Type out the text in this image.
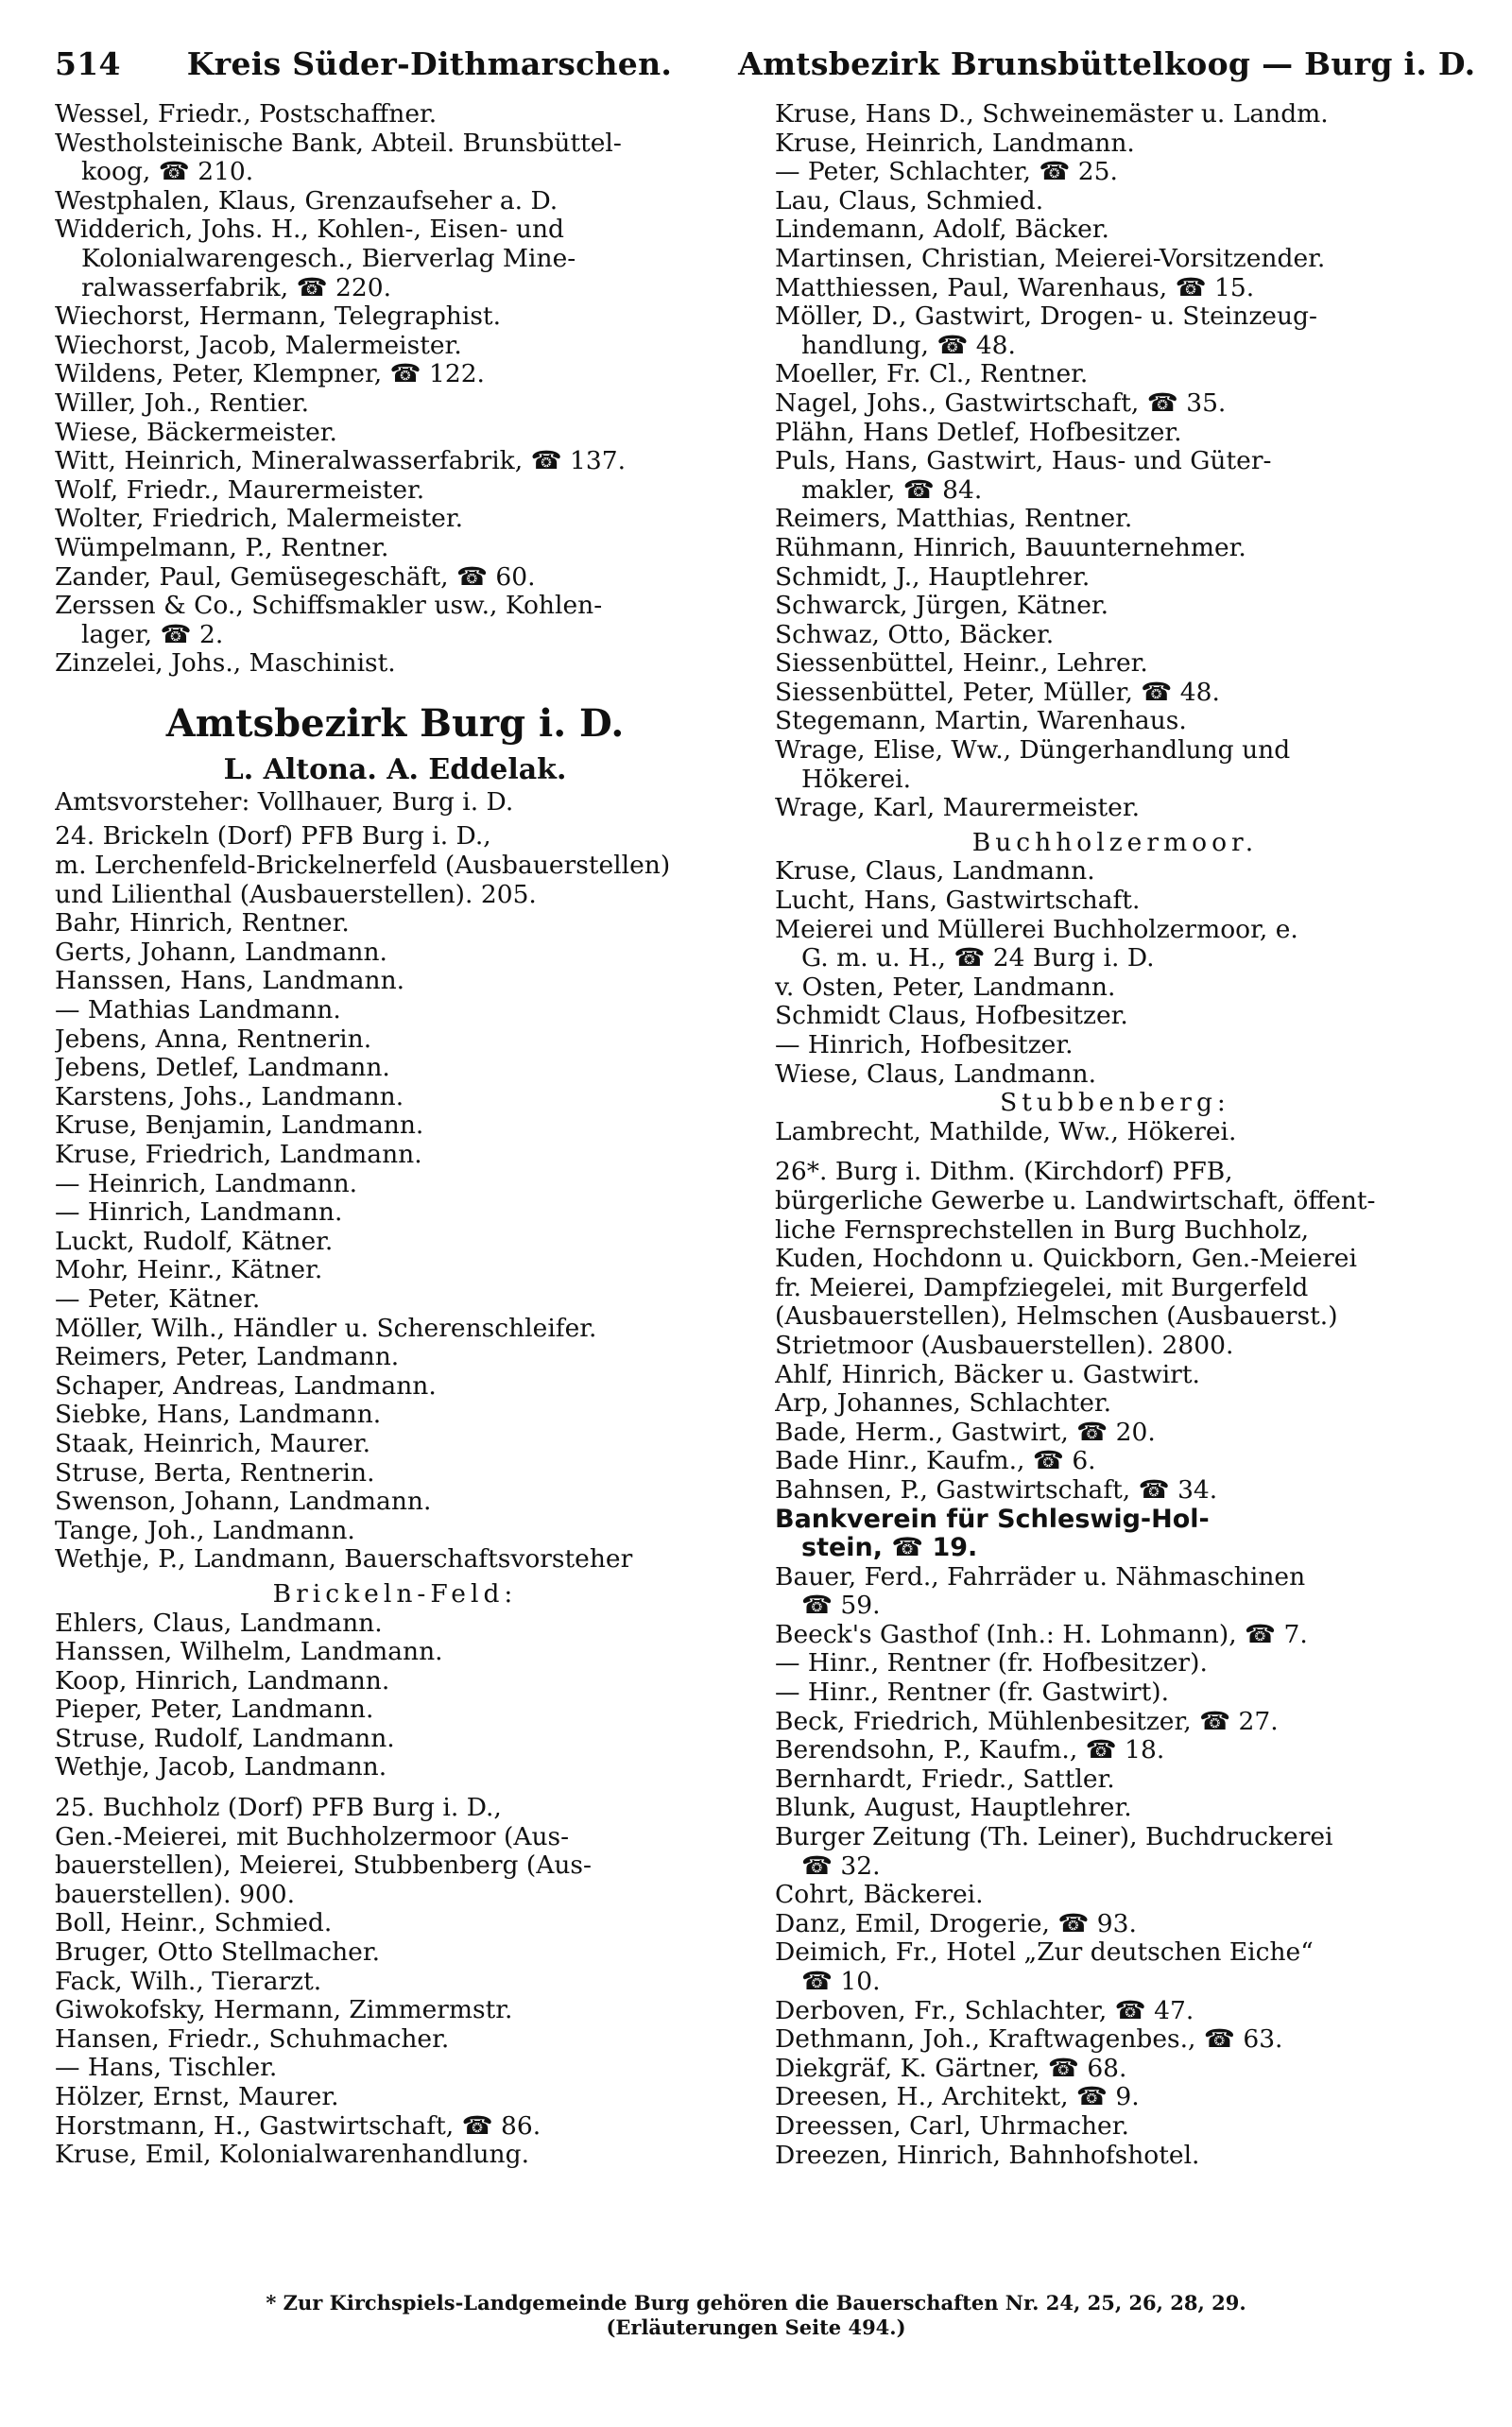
514 Kreis Süder-Dithmarschen. Amtsbezirk Brunsbüttelkoog — Burg i. D.
Wessel, Friedr., Postschaffner.
Westholsteinische Bank, Abteil. Brunsbüttel-
koog, ☎ 210.
Westphalen, Klaus, Grenzaufseher a. D.
Widderich, Johs. H., Kohlen-, Eisen- und
Kolonialwarengesch., Bierverlag Mine-
ralwasserfabrik, ☎ 220.
Wiechorst, Hermann, Telegraphist.
Wiechorst, Jacob, Malermeister.
Wildens, Peter, Klempner, ☎ 122.
Willer, Joh., Rentier.
Wiese, Bäckermeister.
Witt, Heinrich, Mineralwasserfabrik, ☎ 137.
Wolf, Friedr., Maurermeister.
Wolter, Friedrich, Malermeister.
Wümpelmann, P., Rentner.
Zander, Paul, Gemüsegeschäft, ☎ 60.
Zerssen & Co., Schiffsmakler usw., Kohlen-
lager, ☎ 2.
Zinzelei, Johs., Maschinist.
Amtsbezirk Burg i. D.
L. Altona. A. Eddelak.
Amtsvorsteher: Vollhauer, Burg i. D.
24. Brickeln (Dorf) PFB Burg i. D.,
m. Lerchenfeld-Brickelnerfeld (Ausbauerstellen)
und Lilienthal (Ausbauerstellen). 205.
Bahr, Hinrich, Rentner.
Gerts, Johann, Landmann.
Hanssen, Hans, Landmann.
— Mathias Landmann.
Jebens, Anna, Rentnerin.
Jebens, Detlef, Landmann.
Karstens, Johs., Landmann.
Kruse, Benjamin, Landmann.
Kruse, Friedrich, Landmann.
— Heinrich, Landmann.
— Hinrich, Landmann.
Luckt, Rudolf, Kätner.
Mohr, Heinr., Kätner.
— Peter, Kätner.
Möller, Wilh., Händler u. Scherenschleifer.
Reimers, Peter, Landmann.
Schaper, Andreas, Landmann.
Siebke, Hans, Landmann.
Staak, Heinrich, Maurer.
Struse, Berta, Rentnerin.
Swenson, Johann, Landmann.
Tange, Joh., Landmann.
Wethje, P., Landmann, Bauerschaftsvorsteher
Brickeln-Feld:
Ehlers, Claus, Landmann.
Hanssen, Wilhelm, Landmann.
Koop, Hinrich, Landmann.
Pieper, Peter, Landmann.
Struse, Rudolf, Landmann.
Wethje, Jacob, Landmann.
25. Buchholz (Dorf) PFB Burg i. D.,
Gen.-Meierei, mit Buchholzermoor (Aus-
bauerstellen), Meierei, Stubbenberg (Aus-
bauerstellen). 900.
Boll, Heinr., Schmied.
Bruger, Otto Stellmacher.
Fack, Wilh., Tierarzt.
Giwokofsky, Hermann, Zimmermstr.
Hansen, Friedr., Schuhmacher.
— Hans, Tischler.
Hölzer, Ernst, Maurer.
Horstmann, H., Gastwirtschaft, ☎ 86.
Kruse, Emil, Kolonialwarenhandlung.
Kruse, Hans D., Schweinemäster u. Landm.
Kruse, Heinrich, Landmann.
— Peter, Schlachter, ☎ 25.
Lau, Claus, Schmied.
Lindemann, Adolf, Bäcker.
Martinsen, Christian, Meierei-Vorsitzender.
Matthiessen, Paul, Warenhaus, ☎ 15.
Möller, D., Gastwirt, Drogen- u. Steinzeug-
handlung, ☎ 48.
Moeller, Fr. Cl., Rentner.
Nagel, Johs., Gastwirtschaft, ☎ 35.
Plähn, Hans Detlef, Hofbesitzer.
Puls, Hans, Gastwirt, Haus- und Güter-
makler, ☎ 84.
Reimers, Matthias, Rentner.
Rühmann, Hinrich, Bauunternehmer.
Schmidt, J., Hauptlehrer.
Schwarck, Jürgen, Kätner.
Schwaz, Otto, Bäcker.
Siessenbüttel, Heinr., Lehrer.
Siessenbüttel, Peter, Müller, ☎ 48.
Stegemann, Martin, Warenhaus.
Wrage, Elise, Ww., Düngerhandlung und
Hökerei.
Wrage, Karl, Maurermeister.
Buchholzermoor.
Kruse, Claus, Landmann.
Lucht, Hans, Gastwirtschaft.
Meierei und Müllerei Buchholzermoor, e.
G. m. u. H., ☎ 24 Burg i. D.
v. Osten, Peter, Landmann.
Schmidt Claus, Hofbesitzer.
— Hinrich, Hofbesitzer.
Wiese, Claus, Landmann.
Stubbenberg:
Lambrecht, Mathilde, Ww., Hökerei.
26*. Burg i. Dithm. (Kirchdorf) PFB,
bürgerliche Gewerbe u. Landwirtschaft, öffent-
liche Fernsprechstellen in Burg Buchholz,
Kuden, Hochdonn u. Quickborn, Gen.-Meierei
fr. Meierei, Dampfziegelei, mit Burgerfeld
(Ausbauerstellen), Helmschen (Ausbauerst.)
Strietmoor (Ausbauerstellen). 2800.
Ahlf, Hinrich, Bäcker u. Gastwirt.
Arp, Johannes, Schlachter.
Bade, Herm., Gastwirt, ☎ 20.
Bade Hinr., Kaufm., ☎ 6.
Bahnsen, P., Gastwirtschaft, ☎ 34.
Bankverein für Schleswig-Hol-
stein, ☎ 19.
Bauer, Ferd., Fahrräder u. Nähmaschinen
☎ 59.
Beeck's Gasthof (Inh.: H. Lohmann), ☎ 7.
— Hinr., Rentner (fr. Hofbesitzer).
— Hinr., Rentner (fr. Gastwirt).
Beck, Friedrich, Mühlenbesitzer, ☎ 27.
Berendsohn, P., Kaufm., ☎ 18.
Bernhardt, Friedr., Sattler.
Blunk, August, Hauptlehrer.
Burger Zeitung (Th. Leiner), Buchdruckerei
☎ 32.
Cohrt, Bäckerei.
Danz, Emil, Drogerie, ☎ 93.
Deimich, Fr., Hotel „Zur deutschen Eiche“
☎ 10.
Derboven, Fr., Schlachter, ☎ 47.
Dethmann, Joh., Kraftwagenbes., ☎ 63.
Diekgräf, K. Gärtner, ☎ 68.
Dreesen, H., Architekt, ☎ 9.
Dreessen, Carl, Uhrmacher.
Dreezen, Hinrich, Bahnhofshotel.
* Zur Kirchspiels-Landgemeinde Burg gehören die Bauerschaften Nr. 24, 25, 26, 28, 29.
(Erläuterungen Seite 494.)
